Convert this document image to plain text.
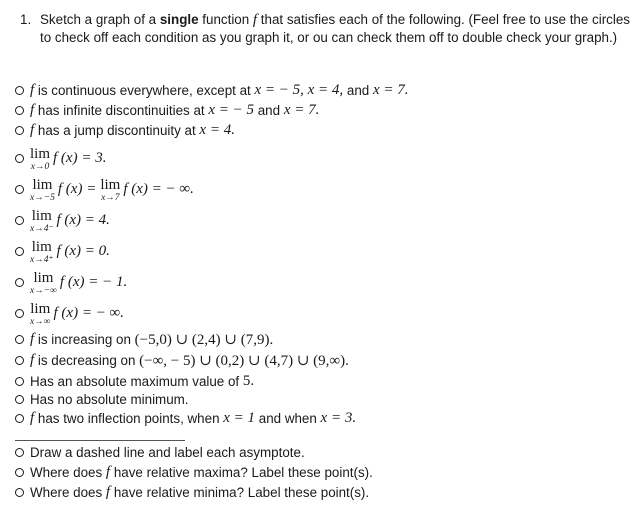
1. Sketch a graph of a single function f that satisfies each of the following. (Feel free to use the circles to check off each condition as you graph it, or ou can check them off to double check your graph.)
f is continuous everywhere, except at x = − 5, x = 4, and x = 7.
f has infinite discontinuities at x = − 5 and x = 7.
f has a jump discontinuity at x = 4.
lim
x→0
f (x) = 3.
lim
x→−5
f (x) = lim
x→7
f (x) = − ∞.
lim
x→4⁻
f (x) = 4.
lim
x→4⁺
f (x) = 0.
lim
x→−∞
f (x) = − 1.
lim
x→∞
f (x) = − ∞.
f is increasing on (−5,0) ∪ (2,4) ∪ (7,9).
f is decreasing on (−∞, − 5) ∪ (0,2) ∪ (4,7) ∪ (9,∞).
Has an absolute maximum value of 5.
Has no absolute minimum.
f has two inflection points, when x = 1 and when x = 3.
Draw a dashed line and label each asymptote.
Where does f have relative maxima? Label these point(s).
Where does f have relative minima? Label these point(s).
